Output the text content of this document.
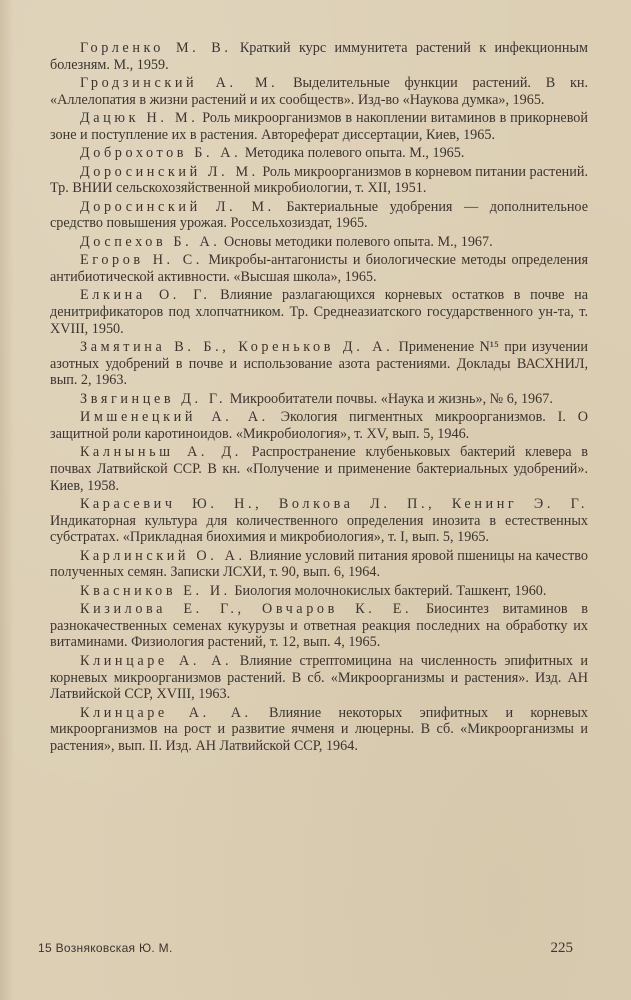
Горленко М. В. Краткий курс иммунитета растений к инфекционным болезням. М., 1959.

Гродзинский А. М. Выделительные функции растений. В кн. «Аллелопатия в жизни растений и их сообществ». Изд-во «Наукова думка», 1965.

Дацюк Н. М. Роль микроорганизмов в накоплении витаминов в прикорневой зоне и поступление их в растения. Автореферат диссертации, Киев, 1965.

Доброхотов Б. А. Методика полевого опыта. М., 1965.

Доросинский Л. М. Роль микроорганизмов в корневом питании растений. Тр. ВНИИ сельскохозяйственной микробиологии, т. XII, 1951.

Доросинский Л. М. Бактериальные удобрения — дополнительное средство повышения урожая. Россельхозиздат, 1965.

Доспехов Б. А. Основы методики полевого опыта. М., 1967.

Егоров Н. С. Микробы-антагонисты и биологические методы определения антибиотической активности. «Высшая школа», 1965.

Елкина О. Г. Влияние разлагающихся корневых остатков в почве на денитрификаторов под хлопчатником. Тр. Среднеазиатского государственного ун-та, т. XVIII, 1950.

Замятина В. Б., Кореньков Д. А. Применение N¹⁵ при изучении азотных удобрений в почве и использование азота растениями. Доклады ВАСХНИЛ, вып. 2, 1963.

Звягинцев Д. Г. Микрообитатели почвы. «Наука и жизнь», № 6, 1967.

Имшенецкий А. А. Экология пигментных микроорганизмов. I. О защитной роли каротиноидов. «Микробиология», т. XV, вып. 5, 1946.

Калныньш А. Д. Распространение клубеньковых бактерий клевера в почвах Латвийской ССР. В кн. «Получение и применение бактериальных удобрений». Киев, 1958.

Карасевич Ю. Н., Волкова Л. П., Кенинг Э. Г. Индикаторная культура для количественного определения инозита в естественных субстратах. «Прикладная биохимия и микробиология», т. I, вып. 5, 1965.

Карлинский О. А. Влияние условий питания яровой пшеницы на качество полученных семян. Записки ЛСХИ, т. 90, вып. 6, 1964.

Квасников Е. И. Биология молочнокислых бактерий. Ташкент, 1960.

Кизилова Е. Г., Овчаров К. Е. Биосинтез витаминов в разнокачественных семенах кукурузы и ответная реакция последних на обработку их витаминами. Физиология растений, т. 12, вып. 4, 1965.

Клинцаре А. А. Влияние стрептомицина на численность эпифитных и корневых микроорганизмов растений. В сб. «Микроорганизмы и растения». Изд. АН Латвийской ССР, XVIII, 1963.

Клинцаре А. А. Влияние некоторых эпифитных и корневых микроорганизмов на рост и развитие ячменя и люцерны. В сб. «Микроорганизмы и растения», вып. II. Изд. АН Латвийской ССР, 1964.

15 Возняковская Ю. М.	225
